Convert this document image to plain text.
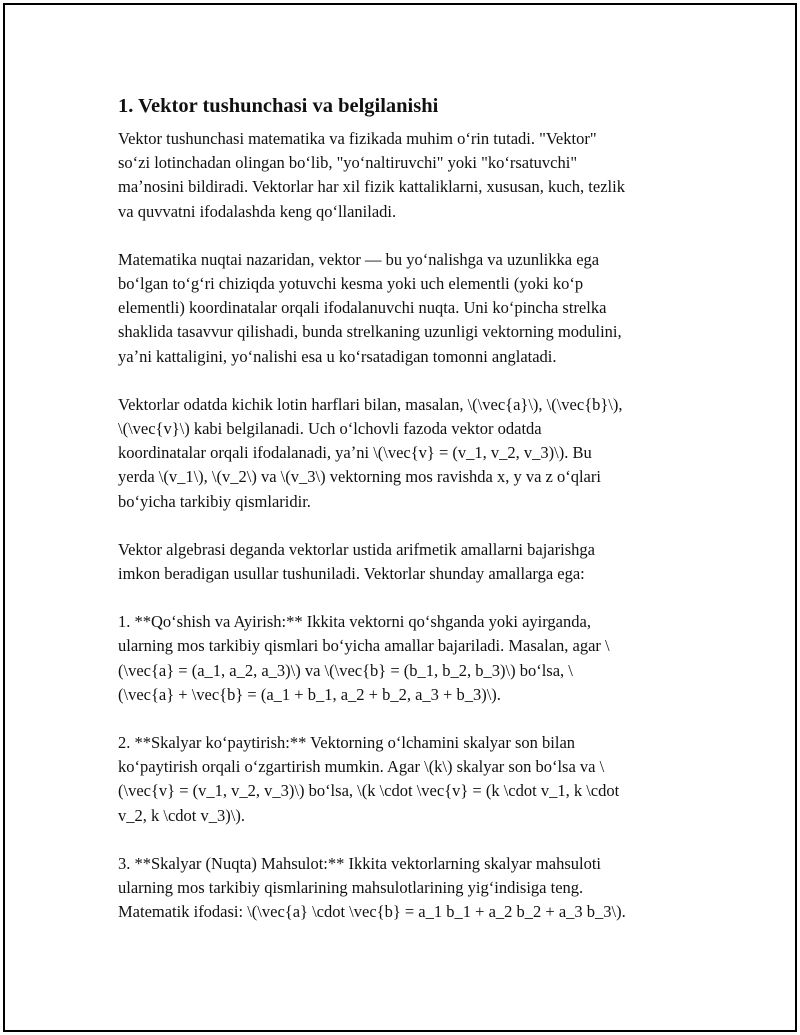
1. Vektor tushunchasi va belgilanishi

Vektor tushunchasi matematika va fizikada muhim oʻrin tutadi. "Vektor"
soʻzi lotinchadan olingan boʻlib, "yoʻnaltiruvchi" yoki "koʻrsatuvchi"
maʼnosini bildiradi. Vektorlar har xil fizik kattaliklarni, xususan, kuch, tezlik
va quvvatni ifodalashda keng qoʻllaniladi.

Matematika nuqtai nazaridan, vektor — bu yoʻnalishga va uzunlikka ega
boʻlgan toʻgʻri chiziqda yotuvchi kesma yoki uch elementli (yoki koʻp
elementli) koordinatalar orqali ifodalanuvchi nuqta. Uni koʻpincha strelka
shaklida tasavvur qilishadi, bunda strelkaning uzunligi vektorning modulini,
yaʼni kattaligini, yoʻnalishi esa u koʻrsatadigan tomonni anglatadi.

Vektorlar odatda kichik lotin harflari bilan, masalan, \(\vec{a}\), \(\vec{b}\),
\(\vec{v}\) kabi belgilanadi. Uch oʻlchovli fazoda vektor odatda
koordinatalar orqali ifodalanadi, yaʼni \(\vec{v} = (v_1, v_2, v_3)\). Bu
yerda \(v_1\), \(v_2\) va \(v_3\) vektorning mos ravishda x, y va z oʻqlari
boʻyicha tarkibiy qismlaridir.

Vektor algebrasi deganda vektorlar ustida arifmetik amallarni bajarishga
imkon beradigan usullar tushuniladi. Vektorlar shunday amallarga ega:

1. **Qoʻshish va Ayirish:** Ikkita vektorni qoʻshganda yoki ayirganda,
ularning mos tarkibiy qismlari boʻyicha amallar bajariladi. Masalan, agar \
(\vec{a} = (a_1, a_2, a_3)\) va \(\vec{b} = (b_1, b_2, b_3)\) boʻlsa, \
(\vec{a} + \vec{b} = (a_1 + b_1, a_2 + b_2, a_3 + b_3)\).

2. **Skalyar koʻpaytirish:** Vektorning oʻlchamini skalyar son bilan
koʻpaytirish orqali oʻzgartirish mumkin. Agar \(k\) skalyar son boʻlsa va \
(\vec{v} = (v_1, v_2, v_3)\) boʻlsa, \(k \cdot \vec{v} = (k \cdot v_1, k \cdot
v_2, k \cdot v_3)\).

3. **Skalyar (Nuqta) Mahsulot:** Ikkita vektorlarning skalyar mahsuloti
ularning mos tarkibiy qismlarining mahsulotlarining yigʻindisiga teng.
Matematik ifodasi: \(\vec{a} \cdot \vec{b} = a_1 b_1 + a_2 b_2 + a_3 b_3\).
